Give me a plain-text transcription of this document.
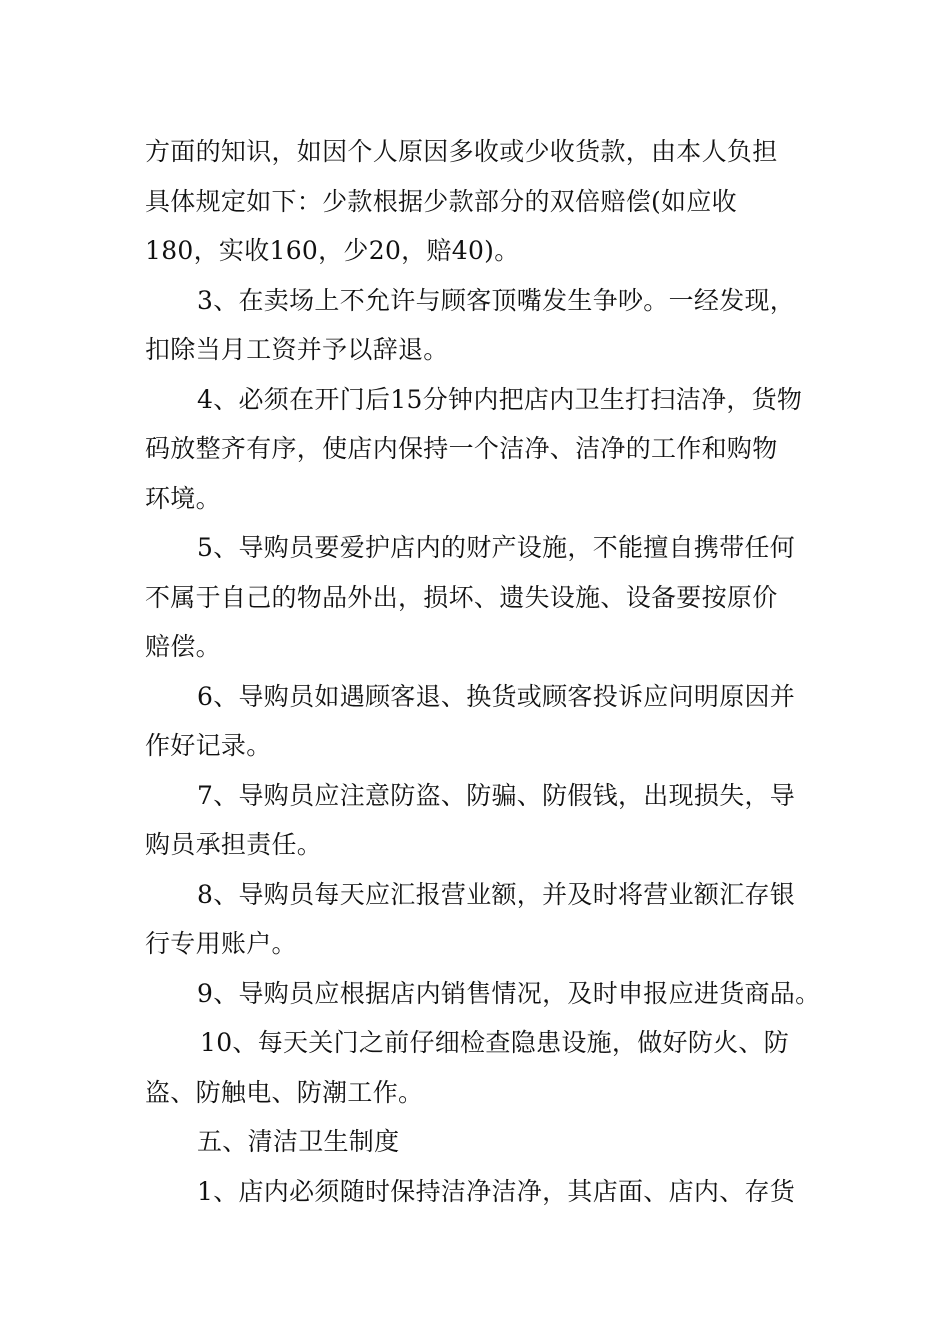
方面的知识，如因个人原因多收或少收货款，由本人负担
具体规定如下：少款根据少款部分的双倍赔偿(如应收
180，实收160，少20，赔40)。
3、在卖场上不允许与顾客顶嘴发生争吵。一经发现，
扣除当月工资并予以辞退。
4、必须在开门后15分钟内把店内卫生打扫洁净，货物
码放整齐有序，使店内保持一个洁净、洁净的工作和购物
环境。
5、导购员要爱护店内的财产设施，不能擅自携带任何
不属于自己的物品外出，损坏、遗失设施、设备要按原价
赔偿。
6、导购员如遇顾客退、换货或顾客投诉应问明原因并
作好记录。
7、导购员应注意防盗、防骗、防假钱，出现损失，导
购员承担责任。
8、导购员每天应汇报营业额，并及时将营业额汇存银
行专用账户。
9、导购员应根据店内销售情况，及时申报应进货商品。
10、每天关门之前仔细检查隐患设施，做好防火、防
盗、防触电、防潮工作。
五、清洁卫生制度
1、店内必须随时保持洁净洁净，其店面、店内、存货
